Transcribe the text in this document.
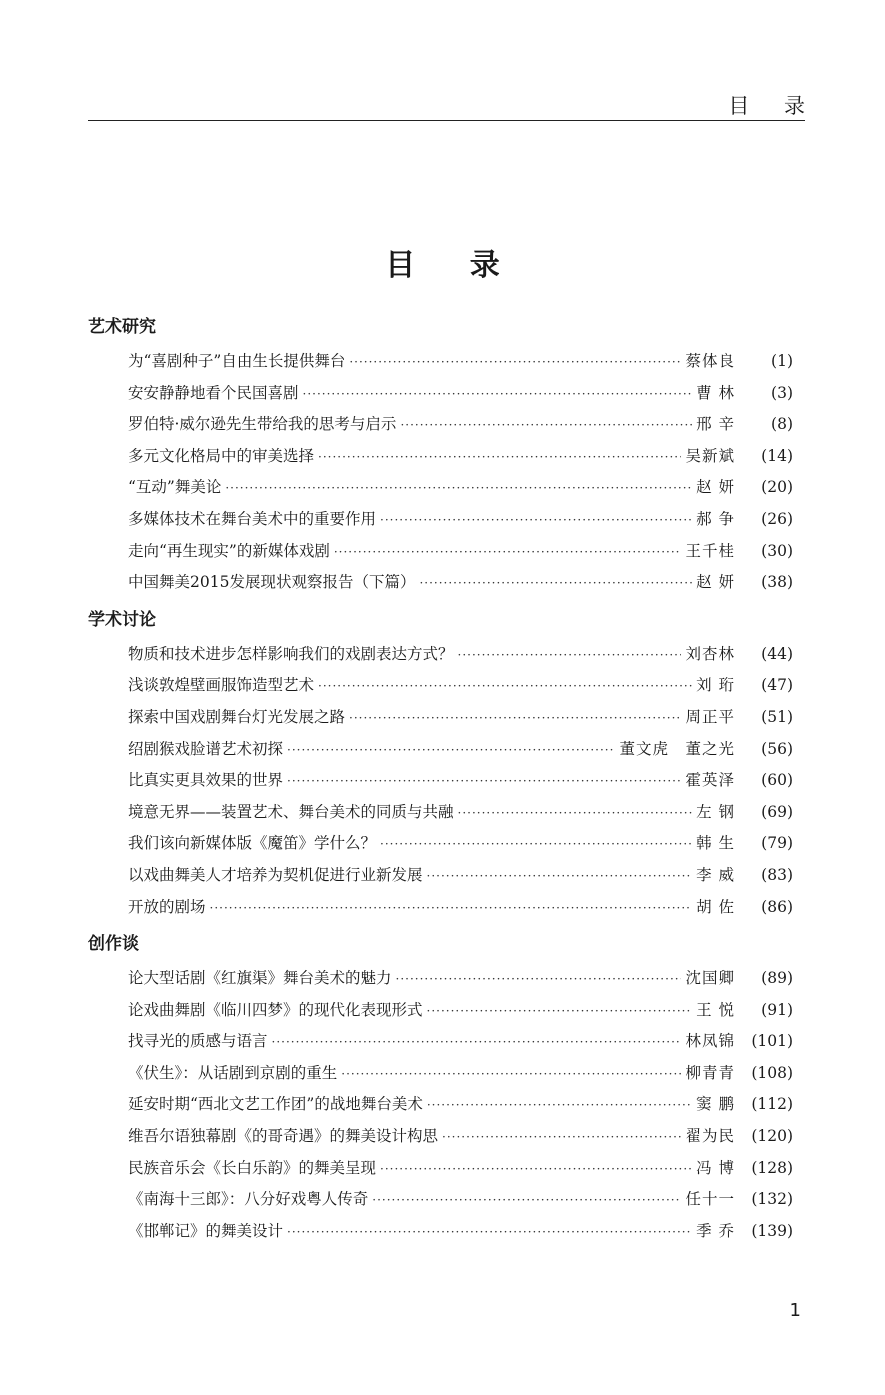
目 录
目 录
艺术研究
为“喜剧种子”自由生长提供舞台 ·····	蔡体良	(1)
安安静静地看个民国喜剧 ·····	曹 林	(3)
罗伯特·威尔逊先生带给我的思考与启示 ·····	邢 辛	(8)
多元文化格局中的审美选择 ·····	吴新斌	(14)
“互动”舞美论 ·····	赵 妍	(20)
多媒体技术在舞台美术中的重要作用 ·····	郝 争	(26)
走向“再生现实”的新媒体戏剧 ·····	王千桂	(30)
中国舞美2015发展现状观察报告（下篇） ·····	赵 妍	(38)
学术讨论
物质和技术进步怎样影响我们的戏剧表达方式？ ·····	刘杏林	(44)
浅谈敦煌壁画服饰造型艺术 ·····	刘 珩	(47)
探索中国戏剧舞台灯光发展之路 ·····	周正平	(51)
绍剧猴戏脸谱艺术初探 ·····	董文虎　董之光	(56)
比真实更具效果的世界 ·····	霍英泽	(60)
境意无界——装置艺术、舞台美术的同质与共融 ·····	左 钢	(69)
我们该向新媒体版《魔笛》学什么？ ·····	韩 生	(79)
以戏曲舞美人才培养为契机促进行业新发展 ·····	李 威	(83)
开放的剧场 ·····	胡 佐	(86)
创作谈
论大型话剧《红旗渠》舞台美术的魅力 ·····	沈国卿	(89)
论戏曲舞剧《临川四梦》的现代化表现形式 ·····	王 悦	(91)
找寻光的质感与语言 ·····	林凤锦	(101)
《伏生》：从话剧到京剧的重生 ·····	柳青青	(108)
延安时期“西北文艺工作团”的战地舞台美术 ·····	窦 鹏	(112)
维吾尔语独幕剧《的哥奇遇》的舞美设计构思 ·····	翟为民	(120)
民族音乐会《长白乐韵》的舞美呈现 ·····	冯 博	(128)
《南海十三郎》：八分好戏粤人传奇 ·····	任十一	(132)
《邯郸记》的舞美设计 ·····	季 乔	(139)
1
